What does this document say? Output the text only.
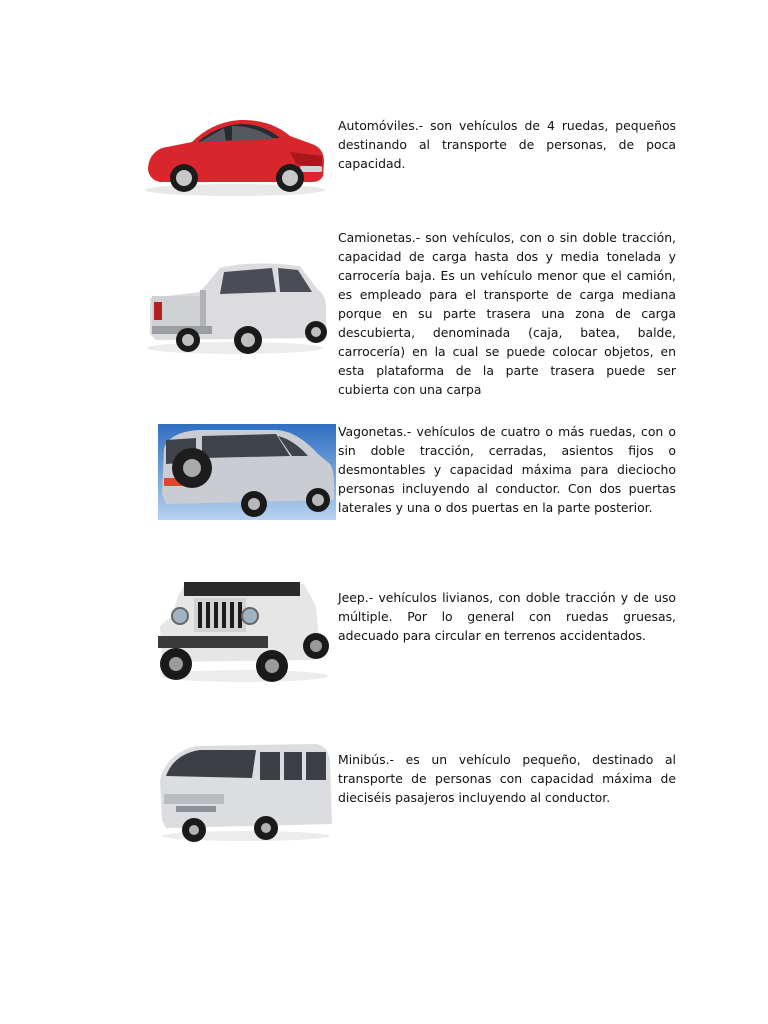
Automóviles.- son vehículos de 4 ruedas, pequeños destinando al transporte de personas, de poca capacidad.
Camionetas.- son vehículos, con o sin doble tracción, capacidad de carga hasta dos y media tonelada y carrocería baja. Es un vehículo menor que el camión, es empleado para el transporte de carga mediana porque en su parte trasera una zona de carga descubierta, denominada (caja, batea, balde, carrocería) en la cual se puede colocar objetos, en esta plataforma de la parte trasera puede ser cubierta con una carpa
Vagonetas.- vehículos de cuatro o más ruedas, con o sin doble tracción, cerradas, asientos fijos o desmontables y capacidad máxima para dieciocho personas incluyendo al conductor. Con dos puertas laterales y una o dos puertas en la parte posterior.
Jeep.- vehículos livianos, con doble tracción y de uso múltiple. Por lo general con ruedas gruesas, adecuado para circular en terrenos accidentados.
Minibús.- es un vehículo pequeño, destinado al transporte de personas con capacidad máxima de dieciséis pasajeros incluyendo al conductor.
